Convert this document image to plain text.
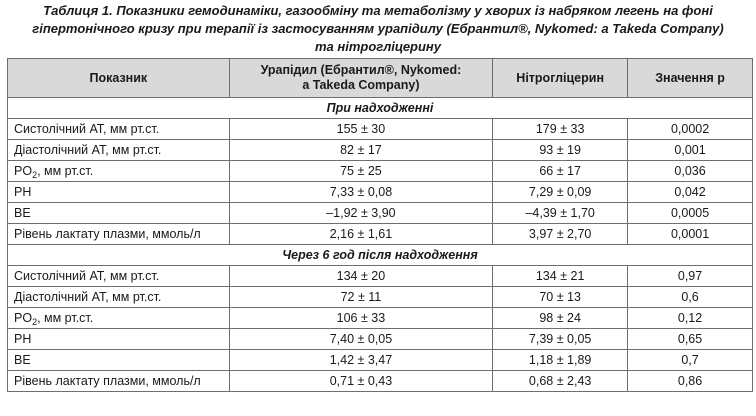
Таблиця 1. Показники гемодинаміки, газообміну та метаболізму у хворих із набряком легень на фоні
гіпертонічного кризу при терапії із застосуванням урапідилу (Ебрантил®, Nykomed: a Takeda Company)
та нітрогліцерину
Показник	Урапідил (Ебрантил®, Nykomed:
a Takeda Company)	Нітрогліцерин	Значення р
При надходженні			
Систолічний АТ, мм рт.ст.	155 ± 30	179 ± 33	0,0002
Діастолічний АТ, мм рт.ст.	82 ± 17	93 ± 19	0,001
$PO_2$, мм рт.ст.	75 ± 25	66 ± 17	0,036
PH	7,33 ± 0,08	7,29 ± 0,09	0,042
BE	–1,92 ± 3,90	–4,39 ± 1,70	0,0005
Рівень лактату плазми, ммоль/л	2,16 ± 1,61	3,97 ± 2,70	0,0001
Через 6 год після надходження			
Систолічний АТ, мм рт.ст.	134 ± 20	134 ± 21	0,97
Діастолічний АТ, мм рт.ст.	72 ± 11	70 ± 13	0,6
$PO_2$, мм рт.ст.	106 ± 33	98 ± 24	0,12
PH	7,40 ± 0,05	7,39 ± 0,05	0,65
BE	1,42 ± 3,47	1,18 ± 1,89	0,7
Рівень лактату плазми, ммоль/л	0,71 ± 0,43	0,68 ± 2,43	0,86
